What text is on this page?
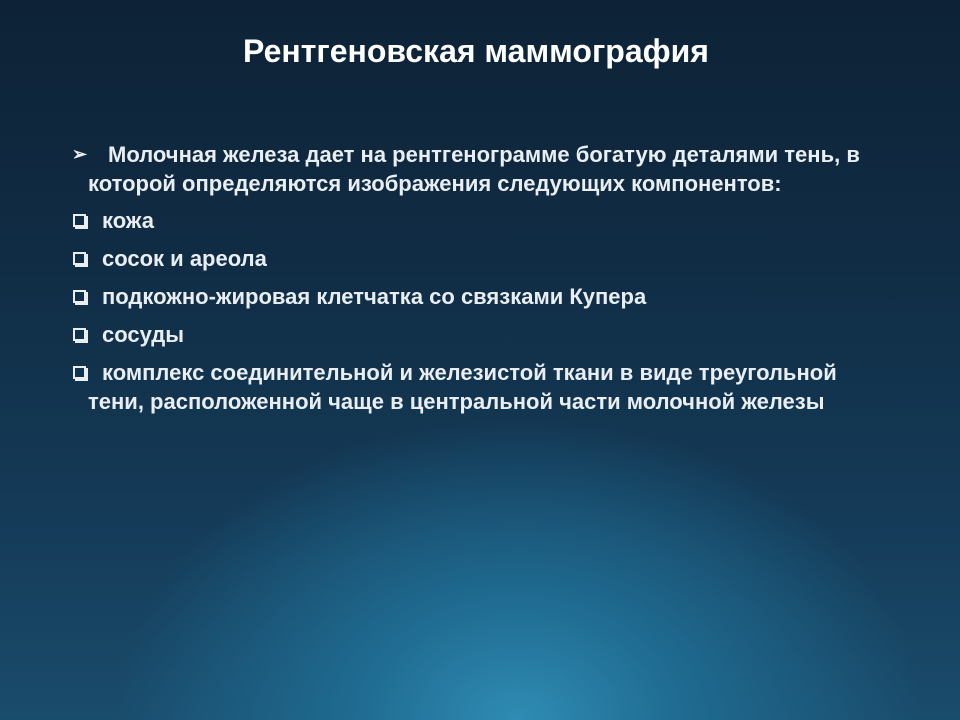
Рентгеновская маммография
➢ Молочная железа дает на рентгенограмме богатую деталями тень, в которой определяются изображения следующих компонентов:
кожа
сосок и ареола
подкожно-жировая клетчатка со связками Купера
сосуды
комплекс соединительной и железистой ткани в виде треугольной тени, расположенной чаще в центральной части молочной железы
